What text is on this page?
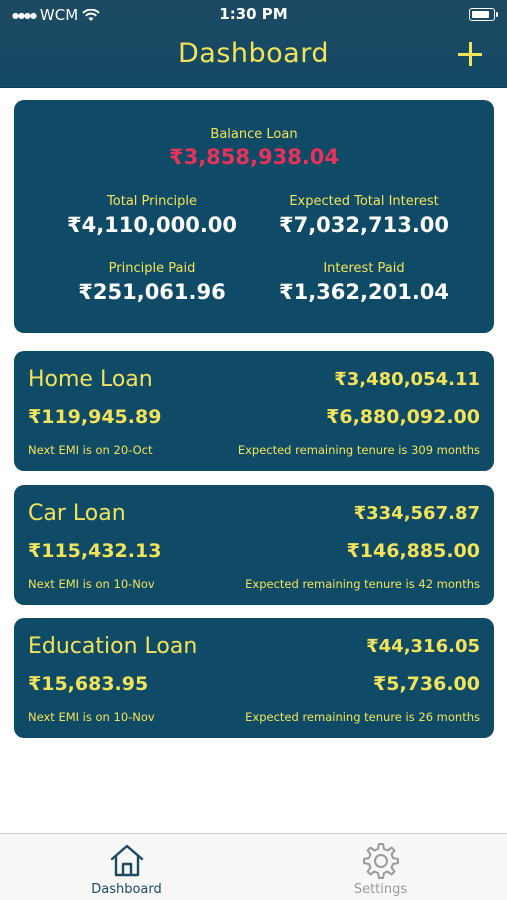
●●●● WCM	1:30 PM
Dashboard
Balance Loan
₹3,858,938.04
Total Principle
₹4,110,000.00
Expected Total Interest
₹7,032,713.00
Principle Paid
₹251,061.96
Interest Paid
₹1,362,201.04
Home Loan	₹3,480,054.11
₹119,945.89	₹6,880,092.00
Next EMI is on 20-Oct	Expected remaining tenure is 309 months
Car Loan	₹334,567.87
₹115,432.13	₹146,885.00
Next EMI is on 10-Nov	Expected remaining tenure is 42 months
Education Loan	₹44,316.05
₹15,683.95	₹5,736.00
Next EMI is on 10-Nov	Expected remaining tenure is 26 months
Dashboard	Settings
